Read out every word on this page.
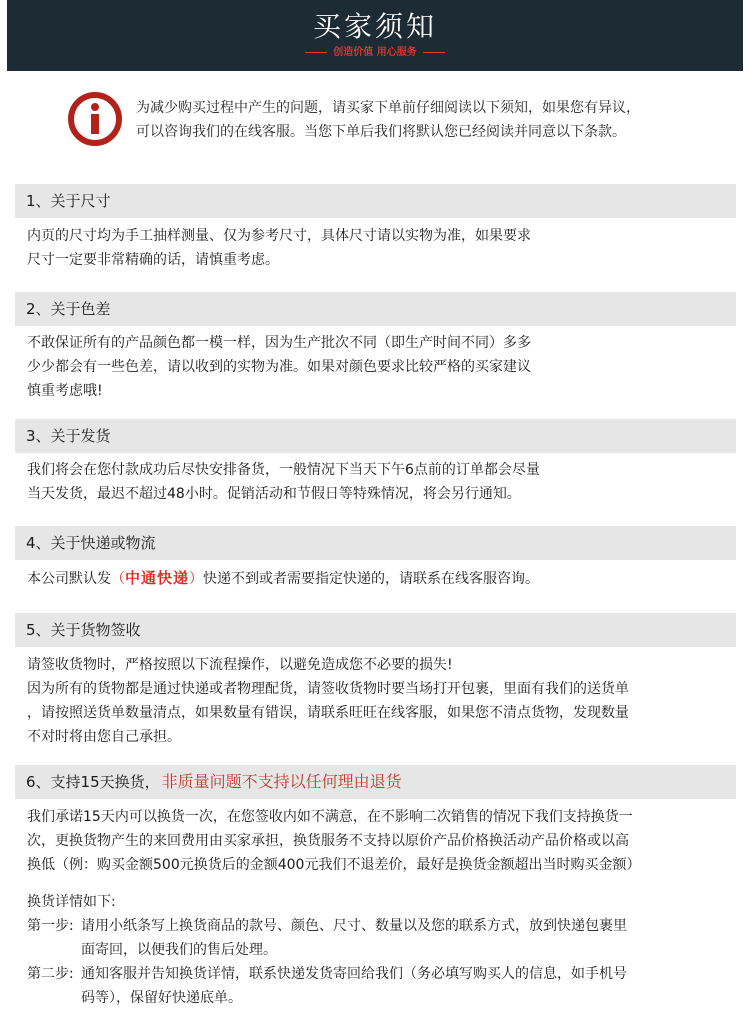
买家须知
创造价值 用心服务
为减少购买过程中产生的问题，请买家下单前仔细阅读以下须知，如果您有异议，
可以咨询我们的在线客服。当您下单后我们将默认您已经阅读并同意以下条款。
1、关于尺寸
内页的尺寸均为手工抽样测量、仅为参考尺寸，具体尺寸请以实物为准，如果要求
尺寸一定要非常精确的话，请慎重考虑。
2、关于色差
不敢保证所有的产品颜色都一模一样，因为生产批次不同（即生产时间不同）多多
少少都会有一些色差，请以收到的实物为准。如果对颜色要求比较严格的买家建议
慎重考虑哦!
3、关于发货
我们将会在您付款成功后尽快安排备货，一般情况下当天下午6点前的订单都会尽量
当天发货，最迟不超过48小时。促销活动和节假日等特殊情况，将会另行通知。
4、关于快递或物流
本公司默认发（中通快递）快递不到或者需要指定快递的，请联系在线客服咨询。
5、关于货物签收
请签收货物时，严格按照以下流程操作，以避免造成您不必要的损失!
因为所有的货物都是通过快递或者物理配货，请签收货物时要当场打开包裹，里面有我们的送货单
，请按照送货单数量清点，如果数量有错误，请联系旺旺在线客服，如果您不清点货物，发现数量
不对时将由您自己承担。
6、支持15天换货， 非质量问题不支持以任何理由退货
我们承诺15天内可以换货一次，在您签收内如不满意，在不影响二次销售的情况下我们支持换货一
次，更换货物产生的来回费用由买家承担，换货服务不支持以原价产品价格换活动产品价格或以高
换低（例：购买金额500元换货后的金额400元我们不退差价，最好是换货金额超出当时购买金额）
换货详情如下:
第一步: 请用小纸条写上换货商品的款号、颜色、尺寸、数量以及您的联系方式，放到快递包裹里
面寄回，以便我们的售后处理。
第二步: 通知客服并告知换货详情，联系快递发货寄回给我们（务必填写购买人的信息，如手机号
码等），保留好快递底单。
